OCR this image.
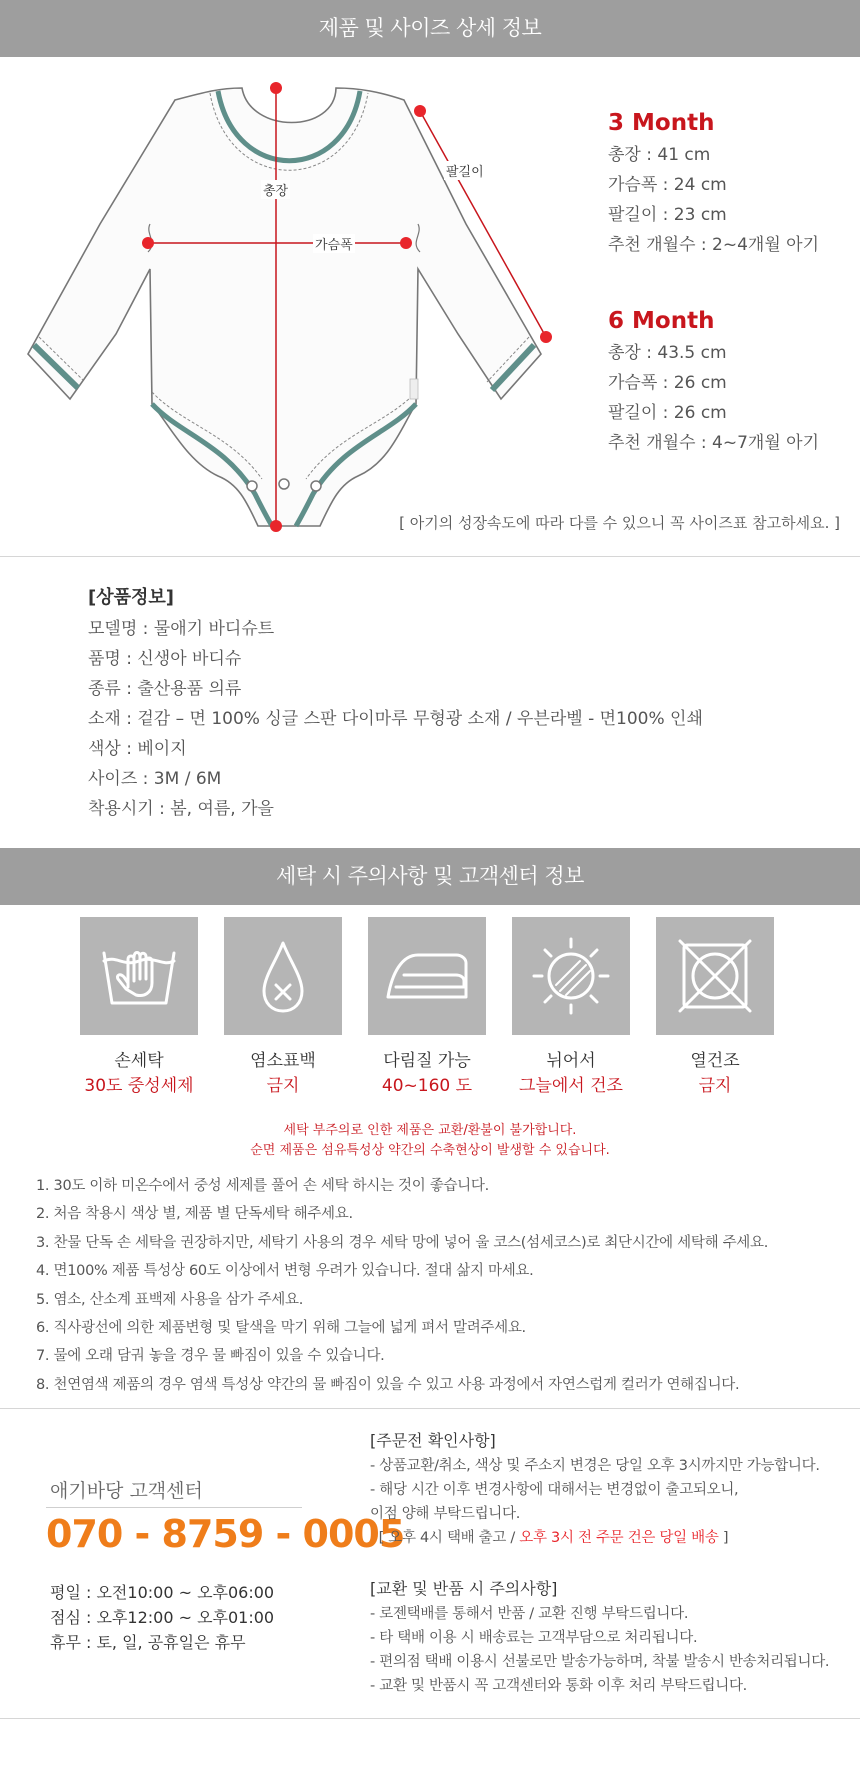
제품 및 사이즈 상세 정보
총장
가슴폭
팔길이
3 Month
총장 : 41 cm
가슴폭 : 24 cm
팔길이 : 23 cm
추천 개월수 : 2~4개월 아기
6 Month
총장 : 43.5 cm
가슴폭 : 26 cm
팔길이 : 26 cm
추천 개월수 : 4~7개월 아기
[ 아기의 성장속도에 따라 다를 수 있으니 꼭 사이즈표 참고하세요. ]
[상품정보]
모델명 : 물애기 바디슈트
품명 : 신생아 바디슈
종류 : 출산용품 의류
소재 : 겉감 – 면 100% 싱글 스판 다이마루 무형광 소재 / 우븐라벨 - 면100% 인쇄
색상 : 베이지
사이즈 : 3M / 6M
착용시기 : 봄, 여름, 가을
세탁 시 주의사항 및 고객센터 정보
손세탁
30도 중성세제
염소표백
금지
다림질 가능
40~160 도
뉘어서
그늘에서 건조
열건조
금지
세탁 부주의로 인한 제품은 교환/환불이 불가합니다.
순면 제품은 섬유특성상 약간의 수축현상이 발생할 수 있습니다.
1. 30도 이하 미온수에서 중성 세제를 풀어 손 세탁 하시는 것이 좋습니다.
2. 처음 착용시 색상 별, 제품 별 단독세탁 해주세요.
3. 찬물 단독 손 세탁을 권장하지만, 세탁기 사용의 경우 세탁 망에 넣어 울 코스(섬세코스)로 최단시간에 세탁해 주세요.
4. 면100% 제품 특성상 60도 이상에서 변형 우려가 있습니다. 절대 삶지 마세요.
5. 염소, 산소계 표백제 사용을 삼가 주세요.
6. 직사광선에 의한 제품변형 및 탈색을 막기 위해 그늘에 넓게 펴서 말려주세요.
7. 물에 오래 담궈 놓을 경우 물 빠짐이 있을 수 있습니다.
8. 천연염색 제품의 경우 염색 특성상 약간의 물 빠짐이 있을 수 있고 사용 과정에서 자연스럽게 컬러가 연해집니다.
애기바당 고객센터
070 - 8759 - 0005
평일 : 오전10:00 ~ 오후06:00
점심 : 오후12:00 ~ 오후01:00
휴무 : 토, 일, 공휴일은 휴무
[주문전 확인사항]
- 상품교환/취소, 색상 및 주소지 변경은 당일 오후 3시까지만 가능합니다.
- 해당 시간 이후 변경사항에 대해서는 변경없이 출고되오니,
이점 양해 부탁드립니다.
[ 오후 4시 택배 출고 / 오후 3시 전 주문 건은 당일 배송 ]
[교환 및 반품 시 주의사항]
- 로젠택배를 통해서 반품 / 교환 진행 부탁드립니다.
- 타 택배 이용 시 배송료는 고객부담으로 처리됩니다.
- 편의점 택배 이용시 선불로만 발송가능하며, 착불 발송시 반송처리됩니다.
- 교환 및 반품시 꼭 고객센터와 통화 이후 처리 부탁드립니다.
